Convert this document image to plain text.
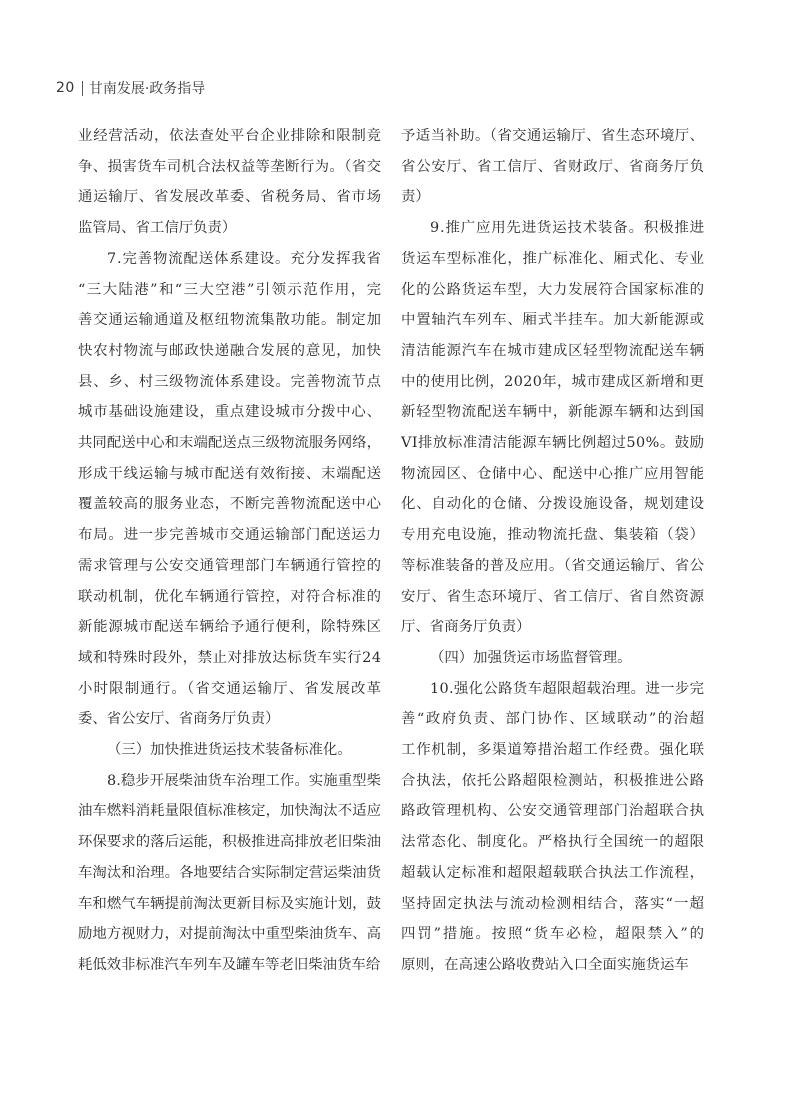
20 甘南发展·政务指导

业经营活动，依法查处平台企业排除和限制竞

争、损害货车司机合法权益等垄断行为。（省交

通运输厅、省发展改革委、省税务局、省市场

监管局、省工信厅负责）

7.完善物流配送体系建设。充分发挥我省

“三大陆港”和“三大空港”引领示范作用，完

善交通运输通道及枢纽物流集散功能。制定加

快农村物流与邮政快递融合发展的意见，加快

县、乡、村三级物流体系建设。完善物流节点

城市基础设施建设，重点建设城市分拨中心、

共同配送中心和末端配送点三级物流服务网络，

形成干线运输与城市配送有效衔接、末端配送

覆盖较高的服务业态，不断完善物流配送中心

布局。进一步完善城市交通运输部门配送运力

需求管理与公安交通管理部门车辆通行管控的

联动机制，优化车辆通行管控，对符合标准的

新能源城市配送车辆给予通行便利，除特殊区

域和特殊时段外，禁止对排放达标货车实行24

小时限制通行。（省交通运输厅、省发展改革

委、省公安厅、省商务厅负责）

（三）加快推进货运技术装备标准化。

8.稳步开展柴油货车治理工作。实施重型柴

油车燃料消耗量限值标准核定，加快淘汰不适应

环保要求的落后运能，积极推进高排放老旧柴油

车淘汰和治理。各地要结合实际制定营运柴油货

车和燃气车辆提前淘汰更新目标及实施计划，鼓

励地方视财力，对提前淘汰中重型柴油货车、高

耗低效非标准汽车列车及罐车等老旧柴油货车给

予适当补助。（省交通运输厅、省生态环境厅、

省公安厅、省工信厅、省财政厅、省商务厅负

责）

9.推广应用先进货运技术装备。积极推进

货运车型标准化，推广标准化、厢式化、专业

化的公路货运车型，大力发展符合国家标准的

中置轴汽车列车、厢式半挂车。加大新能源或

清洁能源汽车在城市建成区轻型物流配送车辆

中的使用比例，2020年，城市建成区新增和更

新轻型物流配送车辆中，新能源车辆和达到国

VI排放标准清洁能源车辆比例超过50%。鼓励

物流园区、仓储中心、配送中心推广应用智能

化、自动化的仓储、分拨设施设备，规划建设

专用充电设施，推动物流托盘、集装箱（袋）

等标准装备的普及应用。（省交通运输厅、省公

安厅、省生态环境厅、省工信厅、省自然资源

厅、省商务厅负责）

（四）加强货运市场监督管理。

10.强化公路货车超限超载治理。进一步完

善“政府负责、部门协作、区域联动”的治超

工作机制，多渠道筹措治超工作经费。强化联

合执法，依托公路超限检测站，积极推进公路

路政管理机构、公安交通管理部门治超联合执

法常态化、制度化。严格执行全国统一的超限

超载认定标准和超限超载联合执法工作流程，

坚持固定执法与流动检测相结合，落实“一超

四罚”措施。按照“货车必检，超限禁入”的

原则，在高速公路收费站入口全面实施货运车
